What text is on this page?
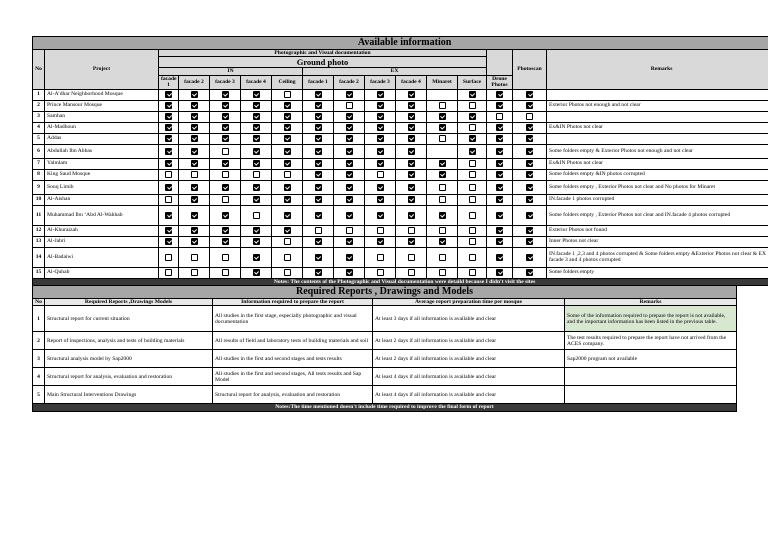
Available information															
No	Project	Photographic and Visual documentation												Photoscan	Remarks
		Ground photo													
		IN					EX								
		facade 1	facade 2	facade 3	facade 4	Ceiling	facade 1	facade 2	facade 3	facade 4	Minaret	Surface	Drone Photos		
1	Al-A’dhar Neighborhood Mosque														
2	Prince Mansour Mosque														Exterior Photos not enough and not clear
3	Samhan														
4	Al-Madhoun														Ex&IN Photos not clear
5	Addas														
6	Abdullah Ibn Abbas														Some folders empty & Exterior Photos not enough and not clear
7	Yalmlam														Ex&IN Photos not clear
8	King Saud Mosque														Some folders empty &IN photos corrupted
9	Souq Limih														Some folders empty , Exterior Photos not clear and No photos for Minaret
10	Al-Aishan														IN.facade 1 photos corrupted
11	Muhammad Ibn ‘Abd Al-Wahhab														Some folders empty , Exterior Photos not clear and IN.facade 4 photos corrupted
12	Al-Khuraizah														Exterior Photos not found
13	Al-Jabri														Inner Photos not clear
14	Al-Badaiwi														IN.facade 1 ,2,3 and 4 photos corrupted & Some folders empty &Exterior Photos not clear & EX facade 3 and 4 photos corrupted
15	Al-Quhab														Some folders empty
Notes: The contents of the Photographic and Visual documentation were detaild because I didn't visit the sites															
Required Reports , Drawings and Models				
No	Required Reports ,Drawings Models	Information required to prepare the report	Average report preparation time per mosque	Remarks
1	Structural report for current situation	All studies in the first stage, especially photographic and visual documentation	At least 3 days if all information is available and clear	Some of the information required to prepare the report is not available, and the important information has been listed in the previous table.
2	Report of inspections, analysis and tests of building materials	All results of field and laboratory tests of building materials and soil	At least 2 days if all information is available and clear	The test results required to prepare the report have not arrived from the ACES company.
3	Structural analysis model by Sap2000	All studies in the first and second stages and tests results	At least 2 days if all information is available and clear	Sap2000 program not available
4	Structural report for analysis, evaluation and restoration	All studies in the first and second stages, All tests results and Sap Model	At least 4 days if all information is available and clear	
5	Main Structural Interventions Drawings	Structural report for analysis, evaluation and restoration	At least 4 days if all information is available and clear	
Notes:The time mentioned doesn't include time required to improve the final form of report				
